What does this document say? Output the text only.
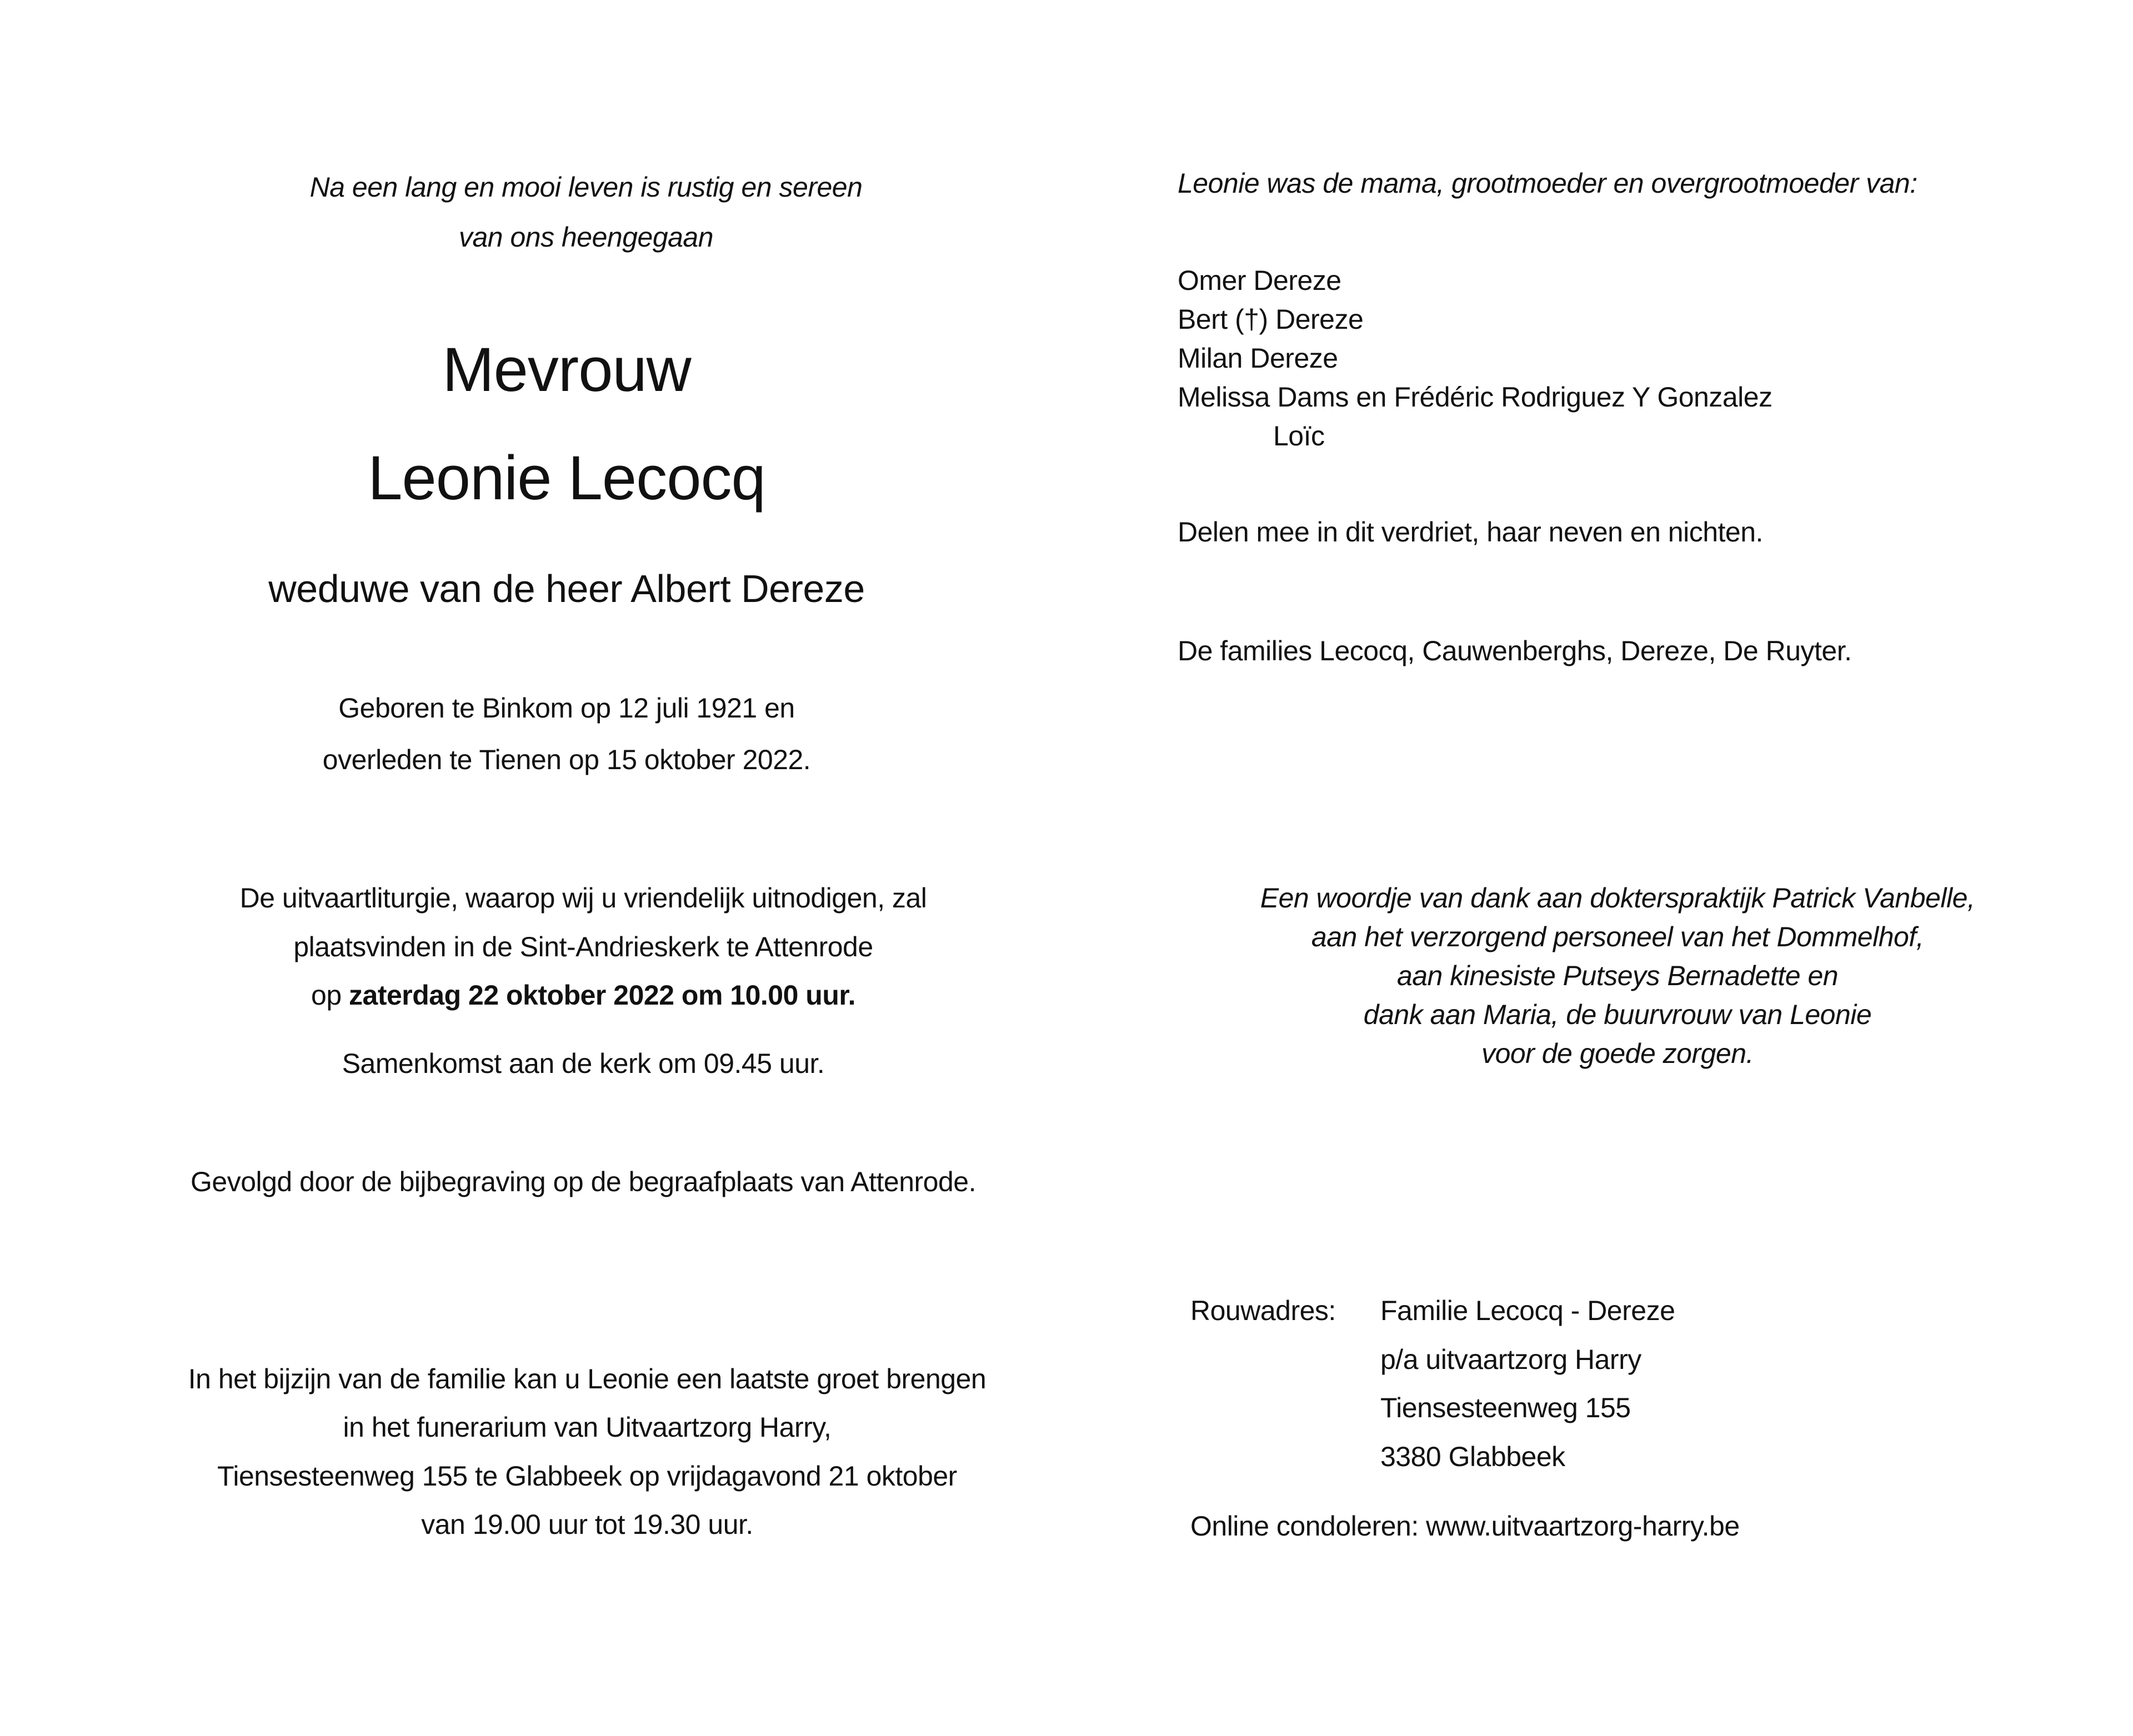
Na een lang en mooi leven is rustig en sereen
van ons heengegaan
Mevrouw
Leonie Lecocq
weduwe van de heer Albert Dereze
Geboren te Binkom op 12 juli 1921 en
overleden te Tienen op 15 oktober 2022.
De uitvaartliturgie, waarop wij u vriendelijk uitnodigen, zal
plaatsvinden in de Sint-Andrieskerk te Attenrode
op zaterdag 22 oktober 2022 om 10.00 uur.
Samenkomst aan de kerk om 09.45 uur.
Gevolgd door de bijbegraving op de begraafplaats van Attenrode.
In het bijzijn van de familie kan u Leonie een laatste groet brengen
in het funerarium van Uitvaartzorg Harry,
Tiensesteenweg 155 te Glabbeek op vrijdagavond 21 oktober
van 19.00 uur tot 19.30 uur.
Leonie was de mama, grootmoeder en overgrootmoeder van:
Omer Dereze
Bert (†) Dereze
Milan Dereze
Melissa Dams en Frédéric Rodriguez Y Gonzalez
Loïc
Delen mee in dit verdriet, haar neven en nichten.
De families Lecocq, Cauwenberghs, Dereze, De Ruyter.
Een woordje van dank aan dokterspraktijk Patrick Vanbelle,
aan het verzorgend personeel van het Dommelhof,
aan kinesiste Putseys Bernadette en
dank aan Maria, de buurvrouw van Leonie
voor de goede zorgen.
Rouwadres: Familie Lecocq - Dereze
p/a uitvaartzorg Harry
Tiensesteenweg 155
3380 Glabbeek
Online condoleren: www.uitvaartzorg-harry.be
